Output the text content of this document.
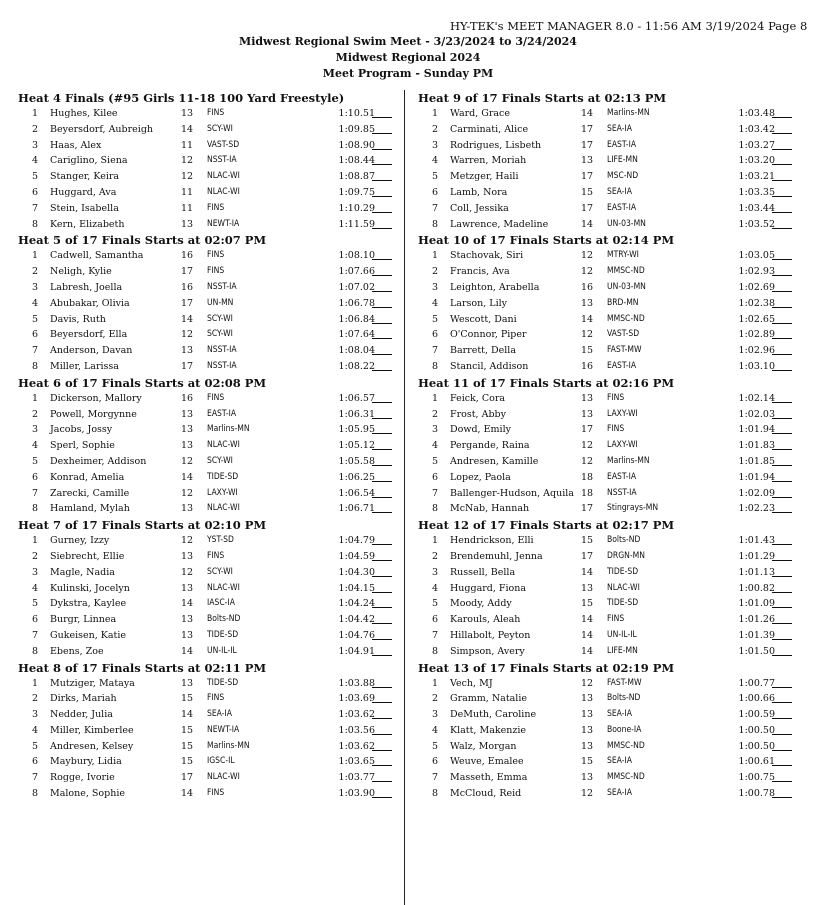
HY-TEK's MEET MANAGER 8.0 - 11:56 AM 3/19/2024 Page 8
Midwest Regional Swim Meet - 3/23/2024 to 3/24/2024
Midwest Regional 2024
Meet Program - Sunday PM
Heat 4 Finals (#95 Girls 11-18 100 Yard Freestyle)
1 Hughes, Kilee	13 FINS	1:10.51
2 Beyersdorf, Aubreigh	14 SCY-WI	1:09.85
3 Haas, Alex	11 VAST-SD	1:08.90
4 Cariglino, Siena	12 NSST-IA	1:08.44
5 Stanger, Keira	12 NLAC-WI	1:08.87
6 Huggard, Ava	11 NLAC-WI	1:09.75
7 Stein, Isabella	11 FINS	1:10.29
8 Kern, Elizabeth	13 NEWT-IA	1:11.59
Heat 5 of 17 Finals Starts at 02:07 PM
1 Cadwell, Samantha	16 FINS	1:08.10
2 Neligh, Kylie	17 FINS	1:07.66
3 Labresh, Joella	16 NSST-IA	1:07.02
4 Abubakar, Olivia	17 UN-MN	1:06.78
5 Davis, Ruth	14 SCY-WI	1:06.84
6 Beyersdorf, Ella	12 SCY-WI	1:07.64
7 Anderson, Davan	13 NSST-IA	1:08.04
8 Miller, Larissa	17 NSST-IA	1:08.22
Heat 6 of 17 Finals Starts at 02:08 PM
1 Dickerson, Mallory	16 FINS	1:06.57
2 Powell, Morgynne	13 EAST-IA	1:06.31
3 Jacobs, Jossy	13 Marlins-MN	1:05.95
4 Sperl, Sophie	13 NLAC-WI	1:05.12
5 Dexheimer, Addison	12 SCY-WI	1:05.58
6 Konrad, Amelia	14 TIDE-SD	1:06.25
7 Zarecki, Camille	12 LAXY-WI	1:06.54
8 Hamland, Mylah	13 NLAC-WI	1:06.71
Heat 7 of 17 Finals Starts at 02:10 PM
1 Gurney, Izzy	12 YST-SD	1:04.79
2 Siebrecht, Ellie	13 FINS	1:04.59
3 Magle, Nadia	12 SCY-WI	1:04.30
4 Kulinski, Jocelyn	13 NLAC-WI	1:04.15
5 Dykstra, Kaylee	14 IASC-IA	1:04.24
6 Burgr, Linnea	13 Bolts-ND	1:04.42
7 Gukeisen, Katie	13 TIDE-SD	1:04.76
8 Ebens, Zoe	14 UN-IL-IL	1:04.91
Heat 8 of 17 Finals Starts at 02:11 PM
1 Mutziger, Mataya	13 TIDE-SD	1:03.88
2 Dirks, Mariah	15 FINS	1:03.69
3 Nedder, Julia	14 SEA-IA	1:03.62
4 Miller, Kimberlee	15 NEWT-IA	1:03.56
5 Andresen, Kelsey	15 Marlins-MN	1:03.62
6 Maybury, Lidia	15 IGSC-IL	1:03.65
7 Rogge, Ivorie	17 NLAC-WI	1:03.77
8 Malone, Sophie	14 FINS	1:03.90
Heat 9 of 17 Finals Starts at 02:13 PM
1 Ward, Grace	14 Marlins-MN	1:03.48
2 Carminati, Alice	17 SEA-IA	1:03.42
3 Rodrigues, Lisbeth	17 EAST-IA	1:03.27
4 Warren, Moriah	13 LIFE-MN	1:03.20
5 Metzger, Haili	17 MSC-ND	1:03.21
6 Lamb, Nora	15 SEA-IA	1:03.35
7 Coll, Jessika	17 EAST-IA	1:03.44
8 Lawrence, Madeline	14 UN-03-MN	1:03.52
Heat 10 of 17 Finals Starts at 02:14 PM
1 Stachovak, Siri	12 MTRY-WI	1:03.05
2 Francis, Ava	12 MMSC-ND	1:02.93
3 Leighton, Arabella	16 UN-03-MN	1:02.69
4 Larson, Lily	13 BRD-MN	1:02.38
5 Wescott, Dani	14 MMSC-ND	1:02.65
6 O'Connor, Piper	12 VAST-SD	1:02.89
7 Barrett, Della	15 FAST-MW	1:02.96
8 Stancil, Addison	16 EAST-IA	1:03.10
Heat 11 of 17 Finals Starts at 02:16 PM
1 Feick, Cora	13 FINS	1:02.14
2 Frost, Abby	13 LAXY-WI	1:02.03
3 Dowd, Emily	17 FINS	1:01.94
4 Pergande, Raina	12 LAXY-WI	1:01.83
5 Andresen, Kamille	12 Marlins-MN	1:01.85
6 Lopez, Paola	18 EAST-IA	1:01.94
7 Ballenger-Hudson, Aquila 18 NSST-IA	1:02.09
8 McNab, Hannah	17 Stingrays-MN	1:02.23
Heat 12 of 17 Finals Starts at 02:17 PM
1 Hendrickson, Elli	15 Bolts-ND	1:01.43
2 Brendemuhl, Jenna	17 DRGN-MN	1:01.29
3 Russell, Bella	14 TIDE-SD	1:01.13
4 Huggard, Fiona	13 NLAC-WI	1:00.82
5 Moody, Addy	15 TIDE-SD	1:01.09
6 Karouls, Aleah	14 FINS	1:01.26
7 Hillabolt, Peyton	14 UN-IL-IL	1:01.39
8 Simpson, Avery	14 LIFE-MN	1:01.50
Heat 13 of 17 Finals Starts at 02:19 PM
1 Vech, MJ	12 FAST-MW	1:00.77
2 Gramm, Natalie	13 Bolts-ND	1:00.66
3 DeMuth, Caroline	13 SEA-IA	1:00.59
4 Klatt, Makenzie	13 Boone-IA	1:00.50
5 Walz, Morgan	13 MMSC-ND	1:00.50
6 Weuve, Emalee	15 SEA-IA	1:00.61
7 Masseth, Emma	13 MMSC-ND	1:00.75
8 McCloud, Reid	12 SEA-IA	1:00.78
